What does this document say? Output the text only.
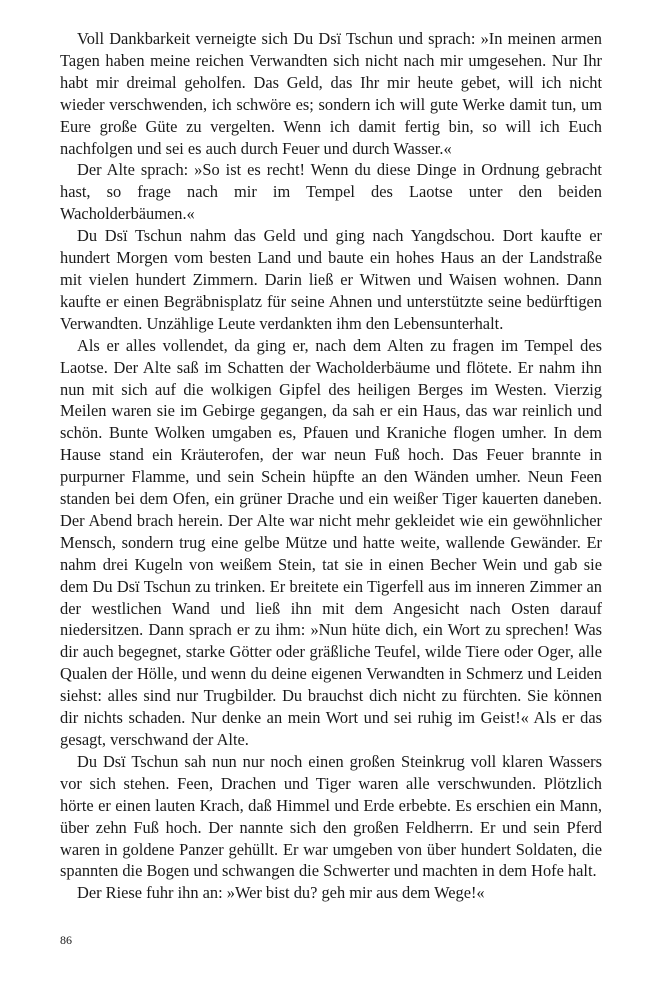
Voll Dankbarkeit verneigte sich Du Dsï Tschun und sprach: »In meinen armen Tagen haben meine reichen Verwandten sich nicht nach mir umgesehen. Nur Ihr habt mir dreimal geholfen. Das Geld, das Ihr mir heute gebet, will ich nicht wieder verschwenden, ich schwöre es; sondern ich will gute Werke damit tun, um Eure große Güte zu vergelten. Wenn ich damit fertig bin, so will ich Euch nachfolgen und sei es auch durch Feuer und durch Wasser.«

Der Alte sprach: »So ist es recht! Wenn du diese Dinge in Ordnung gebracht hast, so frage nach mir im Tempel des Laotse unter den beiden Wacholderbäumen.«

Du Dsï Tschun nahm das Geld und ging nach Yangdschou. Dort kaufte er hundert Morgen vom besten Land und baute ein hohes Haus an der Landstraße mit vielen hundert Zimmern. Darin ließ er Witwen und Waisen wohnen. Dann kaufte er einen Begräbnisplatz für seine Ahnen und unterstützte seine bedürftigen Verwandten. Unzählige Leute verdankten ihm den Lebensunterhalt.

Als er alles vollendet, da ging er, nach dem Alten zu fragen im Tempel des Laotse. Der Alte saß im Schatten der Wacholderbäume und flötete. Er nahm ihn nun mit sich auf die wolkigen Gipfel des heiligen Berges im Westen. Vierzig Meilen waren sie im Gebirge gegangen, da sah er ein Haus, das war reinlich und schön. Bunte Wolken umgaben es, Pfauen und Kraniche flogen umher. In dem Hause stand ein Kräuterofen, der war neun Fuß hoch. Das Feuer brannte in purpurner Flamme, und sein Schein hüpfte an den Wänden umher. Neun Feen standen bei dem Ofen, ein grüner Drache und ein weißer Tiger kauerten daneben. Der Abend brach herein. Der Alte war nicht mehr gekleidet wie ein gewöhnlicher Mensch, sondern trug eine gelbe Mütze und hatte weite, wallende Gewänder. Er nahm drei Kugeln von weißem Stein, tat sie in einen Becher Wein und gab sie dem Du Dsï Tschun zu trinken. Er breitete ein Tigerfell aus im inneren Zimmer an der westlichen Wand und ließ ihn mit dem Angesicht nach Osten darauf niedersitzen. Dann sprach er zu ihm: »Nun hüte dich, ein Wort zu sprechen! Was dir auch begegnet, starke Götter oder gräßliche Teufel, wilde Tiere oder Oger, alle Qualen der Hölle, und wenn du deine eigenen Verwandten in Schmerz und Leiden siehst: alles sind nur Trugbilder. Du brauchst dich nicht zu fürchten. Sie können dir nichts schaden. Nur denke an mein Wort und sei ruhig im Geist!« Als er das gesagt, verschwand der Alte.

Du Dsï Tschun sah nun nur noch einen großen Steinkrug voll klaren Wassers vor sich stehen. Feen, Drachen und Tiger waren alle verschwunden. Plötzlich hörte er einen lauten Krach, daß Himmel und Erde erbebte. Es erschien ein Mann, über zehn Fuß hoch. Der nannte sich den großen Feldherrn. Er und sein Pferd waren in goldene Panzer gehüllt. Er war umgeben von über hundert Soldaten, die spannten die Bogen und schwangen die Schwerter und machten in dem Hofe halt.

Der Riese fuhr ihn an: »Wer bist du? geh mir aus dem Wege!«

86
